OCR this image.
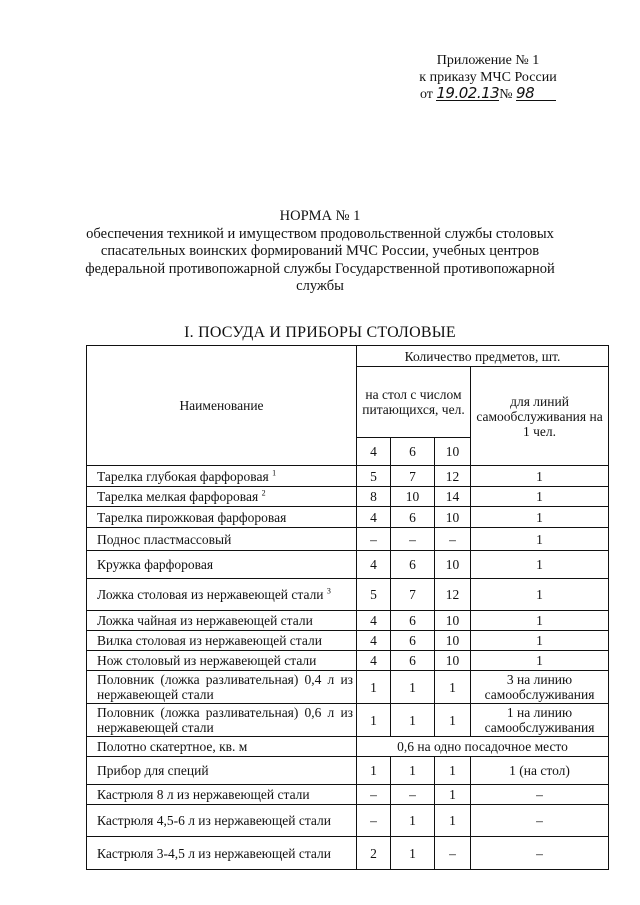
Приложение № 1
к приказу МЧС России
от 19.02.13№ 98
НОРМА № 1
обеспечения техникой и имуществом продовольственной службы столовых спасательных воинских формирований МЧС России, учебных центров федеральной противопожарной службы Государственной противопожарной службы
I. ПОСУДА И ПРИБОРЫ СТОЛОВЫЕ
Наименование	Количество предметов, шт.			
	на стол с числом питающихся, чел.			для линий самообслуживания на 1 чел.
	4	6	10	
Тарелка глубокая фарфоровая $^1$	5	7	12	1
Тарелка мелкая фарфоровая $^2$	8	10	14	1
Тарелка пирожковая фарфоровая	4	6	10	1
Поднос пластмассовый	–	–	–	1
Кружка фарфоровая	4	6	10	1
Ложка столовая из нержавеющей стали $^3$	5	7	12	1
Ложка чайная из нержавеющей стали	4	6	10	1
Вилка столовая из нержавеющей стали	4	6	10	1
Нож столовый из нержавеющей стали	4	6	10	1
Половник (ложка разливательная) 0,4 л из нержавеющей стали	1	1	1	3 на линию самообслуживания
Половник (ложка разливательная) 0,6 л из нержавеющей стали	1	1	1	1 на линию самообслуживания
Полотно скатертное, кв. м	0,6 на одно посадочное место			
Прибор для специй	1	1	1	1 (на стол)
Кастрюля 8 л из нержавеющей стали	–	–	1	–
Кастрюля 4,5-6 л из нержавеющей стали	–	1	1	–
Кастрюля 3-4,5 л из нержавеющей стали	2	1	–	–
